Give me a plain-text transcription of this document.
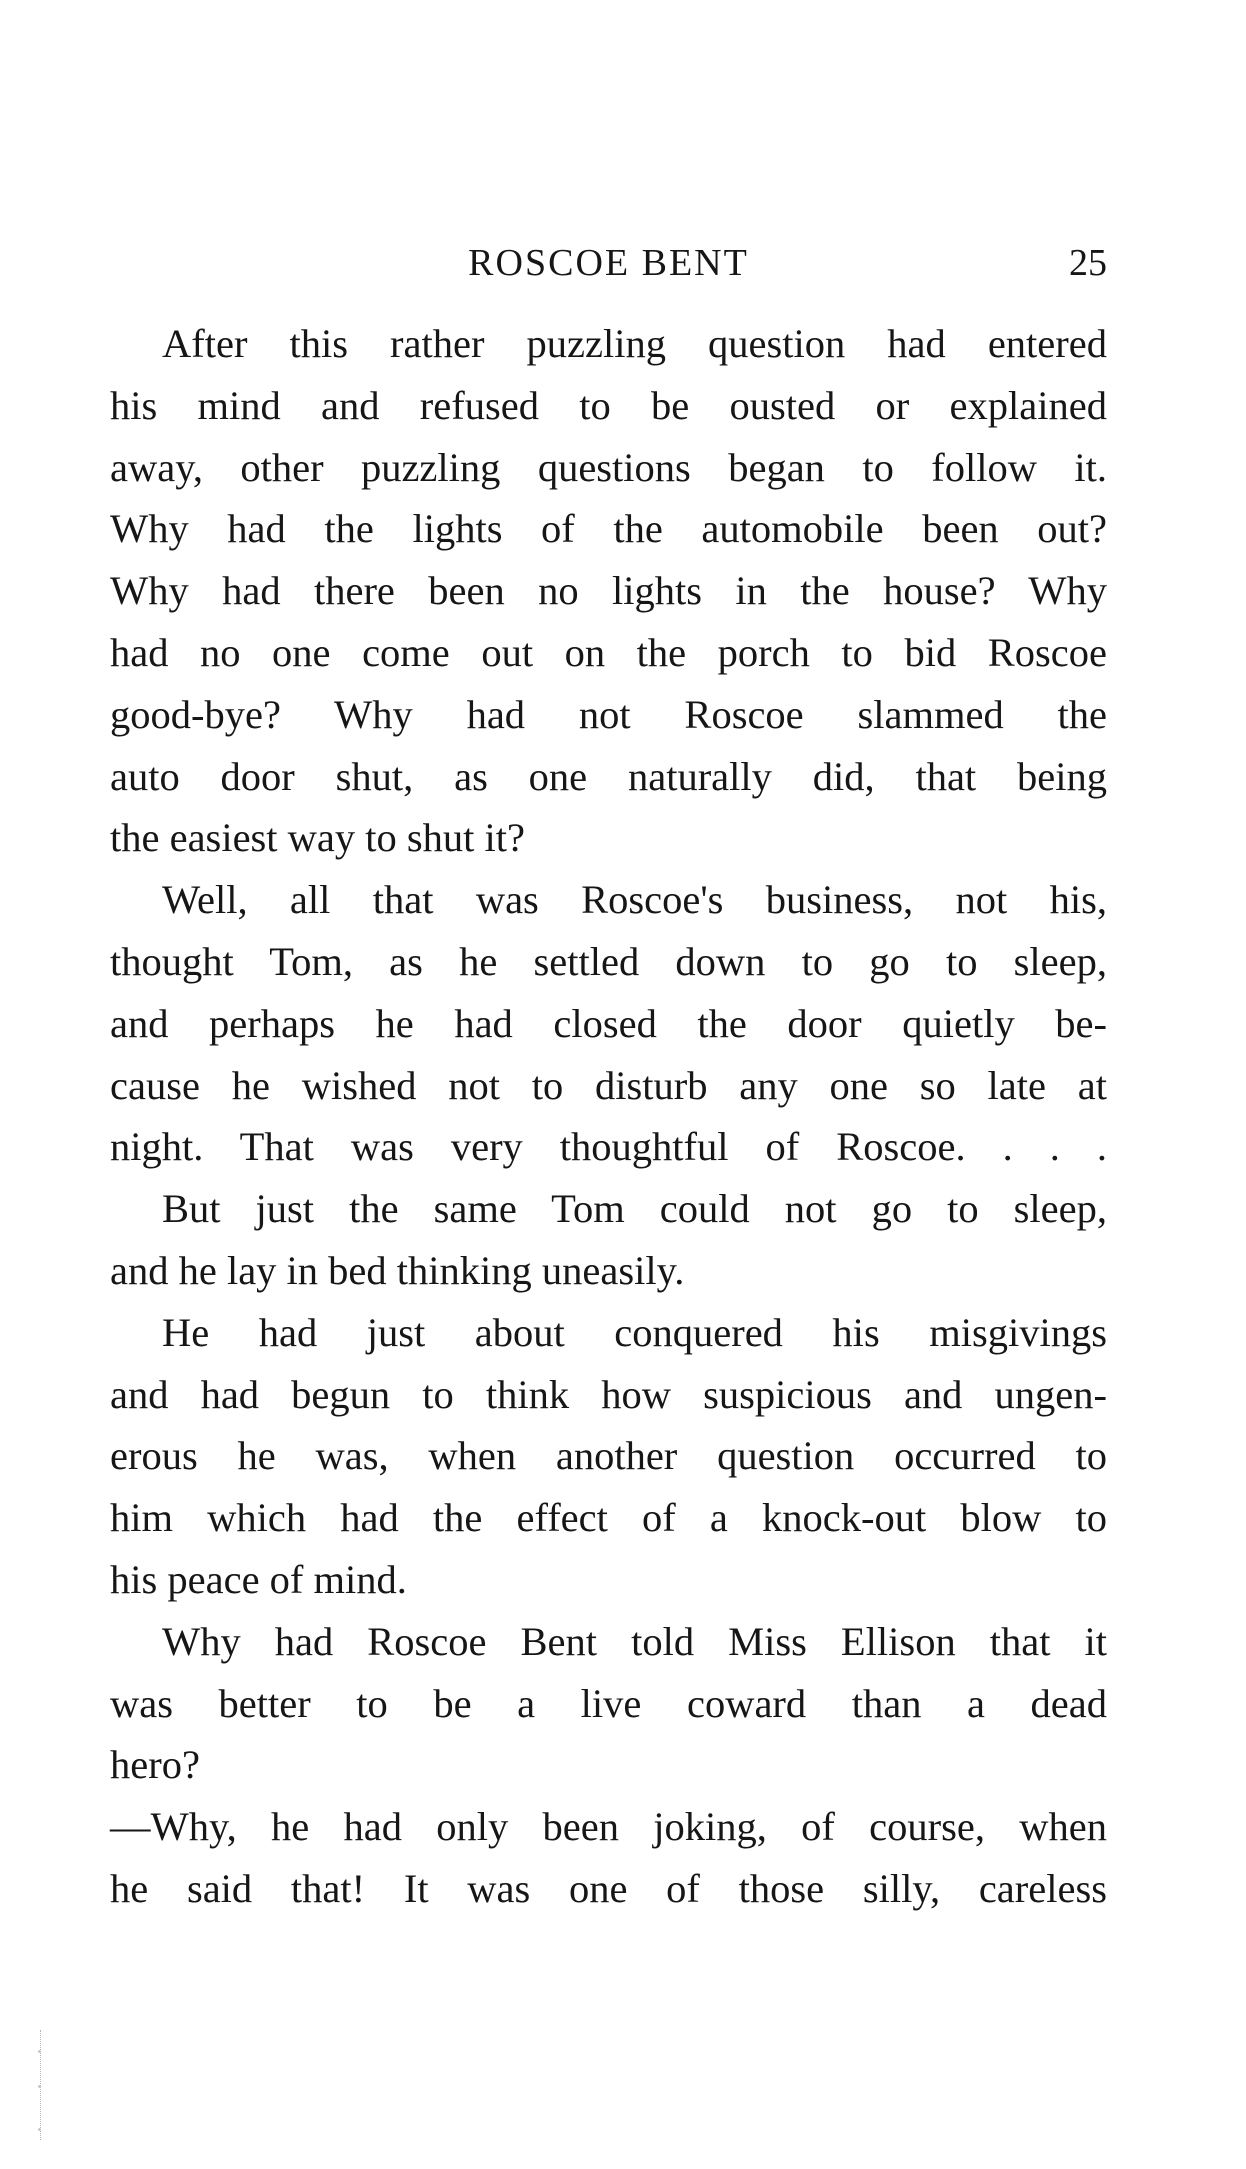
ROSCOE BENT	25
After this rather puzzling question had entered
his mind and refused to be ousted or explained
away, other puzzling questions began to follow it.
Why had the lights of the automobile been out?
Why had there been no lights in the house? Why
had no one come out on the porch to bid Roscoe
good-bye? Why had not Roscoe slammed the
auto door shut, as one naturally did, that being
the easiest way to shut it?
Well, all that was Roscoe's business, not his,
thought Tom, as he settled down to go to sleep,
and perhaps he had closed the door quietly be-
cause he wished not to disturb any one so late at
night. That was very thoughtful of Roscoe. . . .
But just the same Tom could not go to sleep,
and he lay in bed thinking uneasily.
He had just about conquered his misgivings
and had begun to think how suspicious and ungen-
erous he was, when another question occurred to
him which had the effect of a knock-out blow to
his peace of mind.
Why had Roscoe Bent told Miss Ellison that it
was better to be a live coward than a dead
hero?
—Why, he had only been joking, of course, when
he said that! It was one of those silly, careless
